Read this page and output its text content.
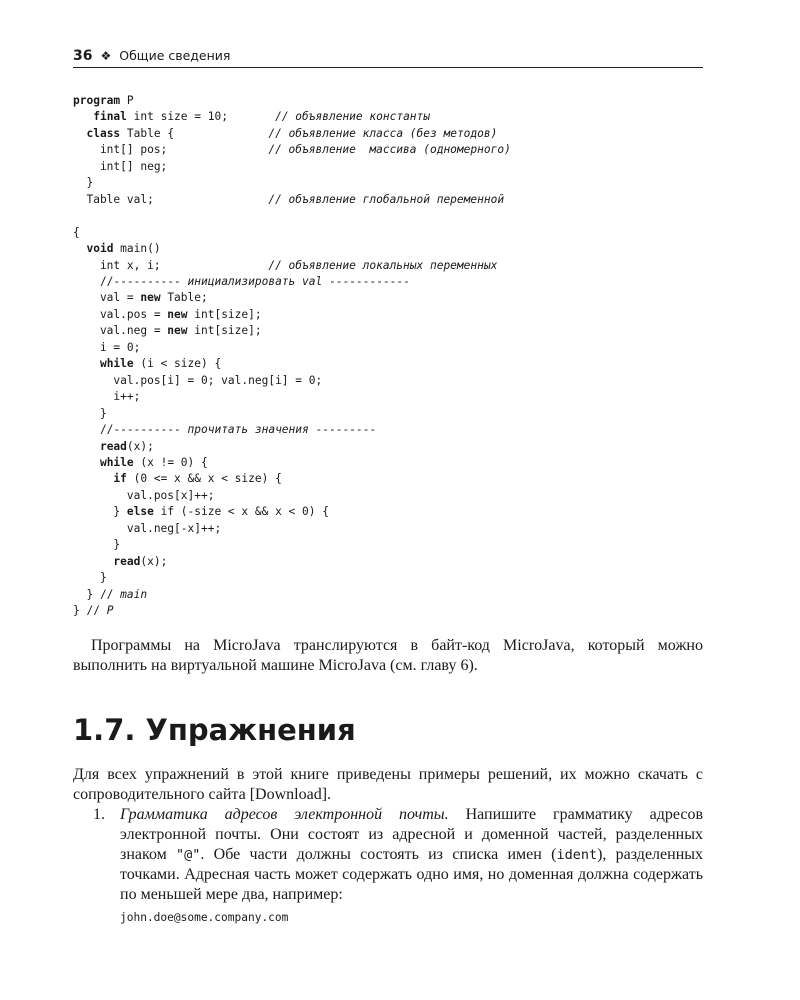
36 ❖ Общие сведения
program P
final int size = 10;       // объявление константы
class Table {              // объявление класса (без методов)
int[] pos;               // объявление  массива (одномерного)
int[] neg;
}
Table val;                 // объявление глобальной переменной

{
void main()
int x, i;                // объявление локальных переменных
//---------- инициализировать val ------------
val = new Table;
val.pos = new int[size];
val.neg = new int[size];
i = 0;
while (i < size) {
val.pos[i] = 0; val.neg[i] = 0;
i++;
}
//---------- прочитать значения ---------
read(x);
while (x != 0) {
if (0 <= x && x < size) {
val.pos[x]++;
} else if (-size < x && x < 0) {
val.neg[-x]++;
}
read(x);
}
} // main
} // P

Программы на MicroJava транслируются в байт-код MicroJava, который можно выполнить на виртуальной машине MicroJava (см. главу 6).

1.7. Упражнения

Для всех упражнений в этой книге приведены примеры решений, их можно скачать с сопроводительного сайта [Download].

1. Грамматика адресов электронной почты. Напишите грамматику адресов электронной почты. Они состоят из адресной и доменной частей, разделенных знаком "@". Обе части должны состоять из списка имен (ident), разделенных точками. Адресная часть может содержать одно имя, но доменная должна содержать по меньшей мере два, например:
john.doe@some.company.com
